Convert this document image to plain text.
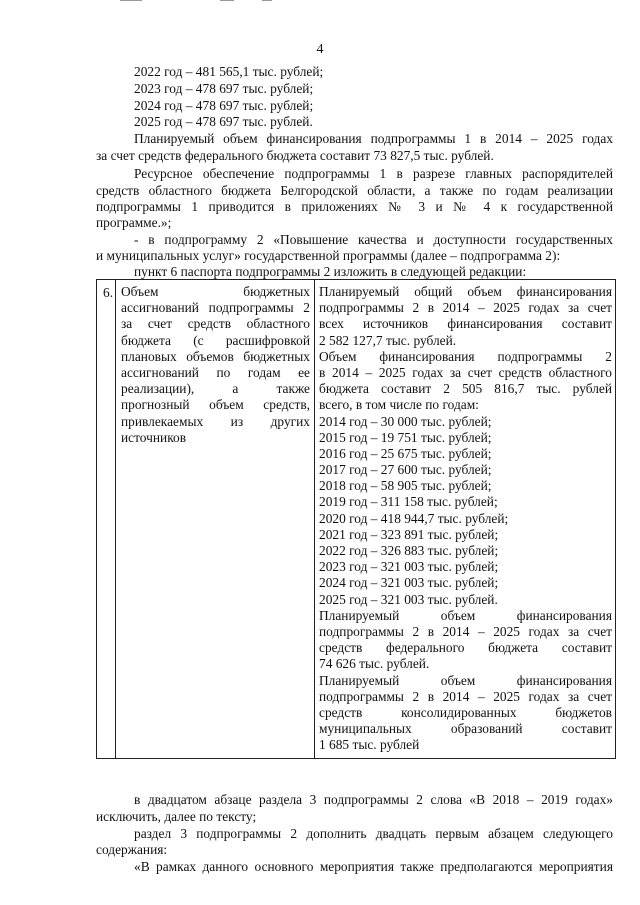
4
2022 год – 481 565,1 тыс. рублей;
2023 год – 478 697 тыс. рублей;
2024 год – 478 697 тыс. рублей;
2025 год – 478 697 тыс. рублей.
Планируемый объем финансирования подпрограммы 1 в 2014 – 2025 годах
за счет средств федерального бюджета составит 73 827,5 тыс. рублей.
Ресурсное обеспечение подпрограммы 1 в разрезе главных распорядителей
средств областного бюджета Белгородской области, а также по годам реализации
подпрограммы 1 приводится в приложениях № 3 и № 4 к государственной
программе.»;
- в подпрограмму 2 «Повышение качества и доступности государственных
и муниципальных услуг» государственной программы (далее – подпрограмма 2):
пункт 6 паспорта подпрограммы 2 изложить в следующей редакции:
6. Объем бюджетных
ассигнований подпрограммы 2
за счет средств областного
бюджета (с расшифровкой
плановых объемов бюджетных
ассигнований по годам ее
реализации), а также
прогнозный объем средств,
привлекаемых из других
источников
Планируемый общий объем финансирования
подпрограммы 2 в 2014 – 2025 годах за счет
всех источников финансирования составит
2 582 127,7 тыс. рублей.
Объем финансирования подпрограммы 2
в 2014 – 2025 годах за счет средств областного
бюджета составит 2 505 816,7 тыс. рублей
всего, в том числе по годам:
2014 год – 30 000 тыс. рублей;
2015 год – 19 751 тыс. рублей;
2016 год – 25 675 тыс. рублей;
2017 год – 27 600 тыс. рублей;
2018 год – 58 905 тыс. рублей;
2019 год – 311 158 тыс. рублей;
2020 год – 418 944,7 тыс. рублей;
2021 год – 323 891 тыс. рублей;
2022 год – 326 883 тыс. рублей;
2023 год – 321 003 тыс. рублей;
2024 год – 321 003 тыс. рублей;
2025 год – 321 003 тыс. рублей.
Планируемый объем финансирования
подпрограммы 2 в 2014 – 2025 годах за счет
средств федерального бюджета составит
74 626 тыс. рублей.
Планируемый объем финансирования
подпрограммы 2 в 2014 – 2025 годах за счет
средств консолидированных бюджетов
муниципальных образований составит
1 685 тыс. рублей
в двадцатом абзаце раздела 3 подпрограммы 2 слова «В 2018 – 2019 годах»
исключить, далее по тексту;
раздел 3 подпрограммы 2 дополнить двадцать первым абзацем следующего
содержания:
«В рамках данного основного мероприятия также предполагаются мероприятия
